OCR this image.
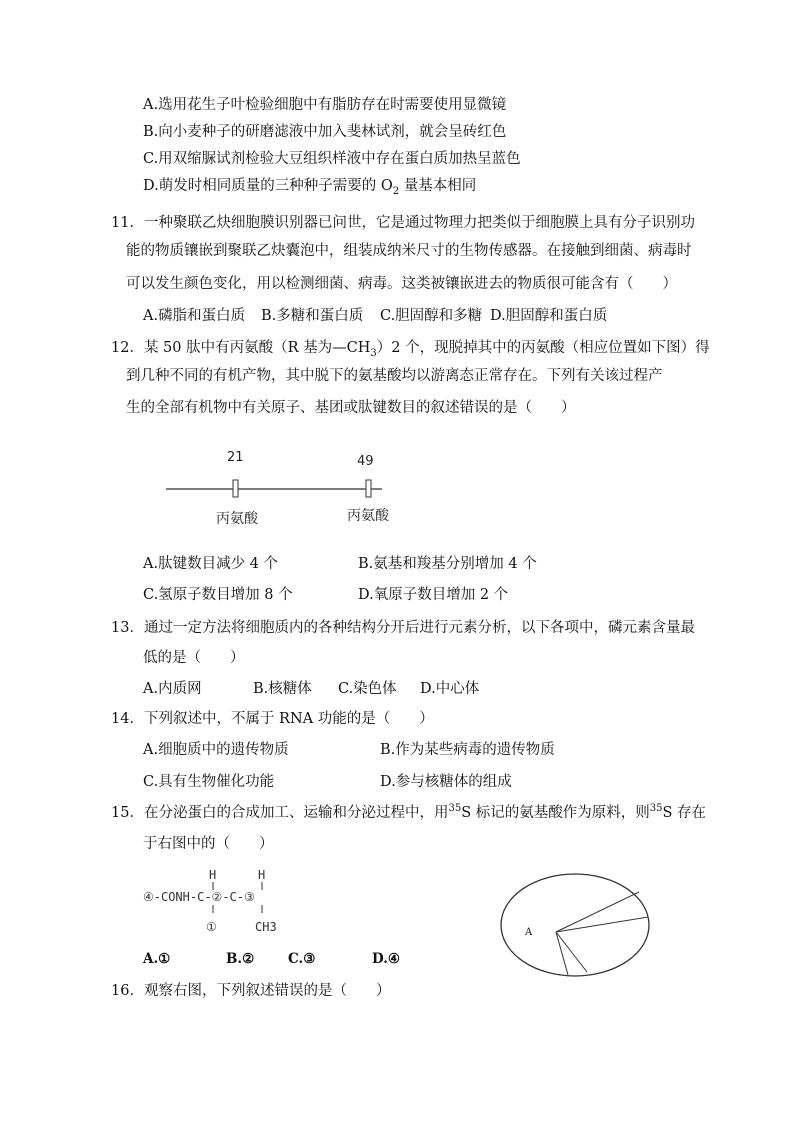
A.选用花生子叶检验细胞中有脂肪存在时需要使用显微镜
B.向小麦种子的研磨滤液中加入斐林试剂，就会呈砖红色
C.用双缩脲试剂检验大豆组织样液中存在蛋白质加热呈蓝色
D.萌发时相同质量的三种种子需要的 $O_2$ 量基本相同
11．一种聚联乙炔细胞膜识别器已问世，它是通过物理力把类似于细胞膜上具有分子识别功
能的物质镶嵌到聚联乙炔囊泡中，组装成纳米尺寸的生物传感器。在接触到细菌、病毒时
可以发生颜色变化，用以检测细菌、病毒。这类被镶嵌进去的物质很可能含有（　　）
A.磷脂和蛋白质 B.多糖和蛋白质 C.胆固醇和多糖 D.胆固醇和蛋白质
12．某 50 肽中有丙氨酸（R 基为$—CH_3)2$ 个，现脱掉其中的丙氨酸（相应位置如下图）得
到几种不同的有机产物，其中脱下的氨基酸均以游离态正常存在。下列有关该过程产
生的全部有机物中有关原子、基团或肽键数目的叙述错误的是（　　）
21	49
丙氨酸	丙氨酸
A.肽键数目减少 4 个	B.氨基和羧基分别增加 4 个
C.氢原子数目增加 8 个	D.氧原子数目增加 2 个
13．通过一定方法将细胞质内的各种结构分开后进行元素分析，以下各项中，磷元素含量最
低的是（　　）
A.内质网	B.核糖体 C.染色体 D.中心体
14．下列叙述中，不属于 RNA 功能的是（　　）
A.细胞质中的遗传物质	B.作为某些病毒的遗传物质
C.具有生物催化功能	D.参与核糖体的组成
15．在分泌蛋白的合成加工、运输和分泌过程中，用$^{35}$S 标记的氨基酸作为原料，则$^{35}$S 存在
于右图中的（　　）
H	H
④-CONH-C-②-C-③
①	CH3
A.①	B.②	C.③	D.④
A
16．观察右图，下列叙述错误的是（　　）
